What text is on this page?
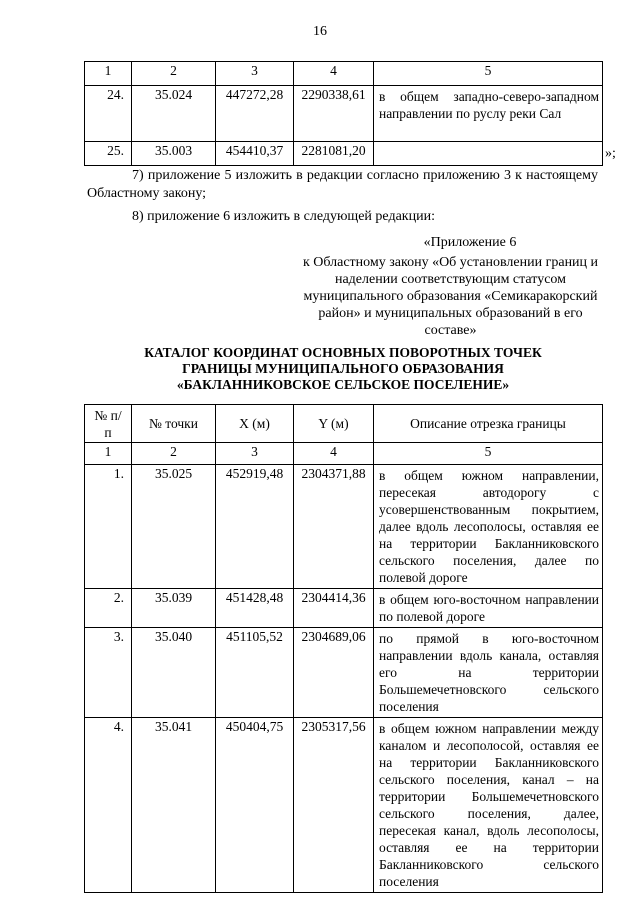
16
1	2	3	4	5
24.	35.024	447272,28	2290338,61	в общем западно-северо-западном направлении по руслу реки Сал
25.	35.003	454410,37	2281081,20		»;
7) приложение 5 изложить в редакции согласно приложению 3 к настоящему Областному закону;
8) приложение 6 изложить в следующей редакции:
«Приложение 6
к Областному закону «Об установлении границ и наделении соответствующим статусом муниципального образования «Семикаракорский район» и муниципальных образований в его составе»
КАТАЛОГ КООРДИНАТ ОСНОВНЫХ ПОВОРОТНЫХ ТОЧЕК
ГРАНИЦЫ МУНИЦИПАЛЬНОГО ОБРАЗОВАНИЯ
«БАКЛАННИКОВСКОЕ СЕЛЬСКОЕ ПОСЕЛЕНИЕ»
№ п/п	№ точки	X (м)	Y (м)	Описание отрезка границы
1	2	3	4	5
1.	35.025	452919,48	2304371,88	в общем южном направлении, пересекая автодорогу с усовершенствованным покрытием, далее вдоль лесополосы, оставляя ее на территории Бакланниковского сельского поселения, далее по полевой дороге
2.	35.039	451428,48	2304414,36	в общем юго-восточном направлении по полевой дороге
3.	35.040	451105,52	2304689,06	по прямой в юго-восточном направлении вдоль канала, оставляя его на территории Большемечетновского сельского поселения
4.	35.041	450404,75	2305317,56	в общем южном направлении между каналом и лесополосой, оставляя ее на территории Бакланниковского сельского поселения, канал – на территории Большемечетновского сельского поселения, далее, пересекая канал, вдоль лесополосы, оставляя ее на территории Бакланниковского сельского поселения
